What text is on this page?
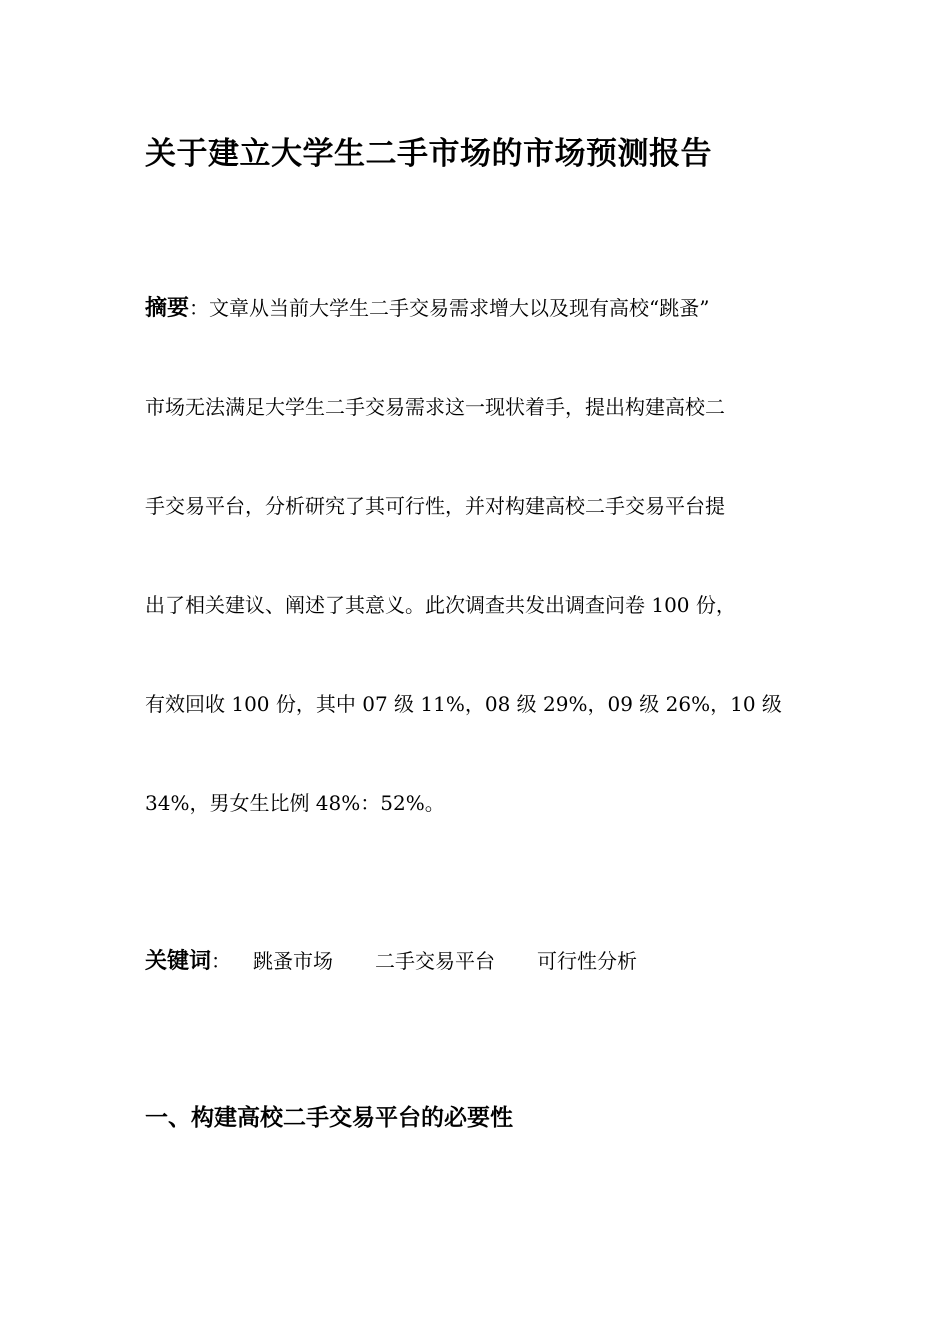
关于建立大学生二手市场的市场预测报告
摘要：文章从当前大学生二手交易需求增大以及现有高校“跳蚤”
市场无法满足大学生二手交易需求这一现状着手，提出构建高校二
手交易平台，分析研究了其可行性，并对构建高校二手交易平台提
出了相关建议、阐述了其意义。此次调查共发出调查问卷 100 份，
有效回收 100 份，其中 07 级 11%，08 级 29%，09 级 26%，10 级
34%，男女生比例 48%：52%。
关键词： 跳蚤市场 二手交易平台 可行性分析
一、构建高校二手交易平台的必要性
